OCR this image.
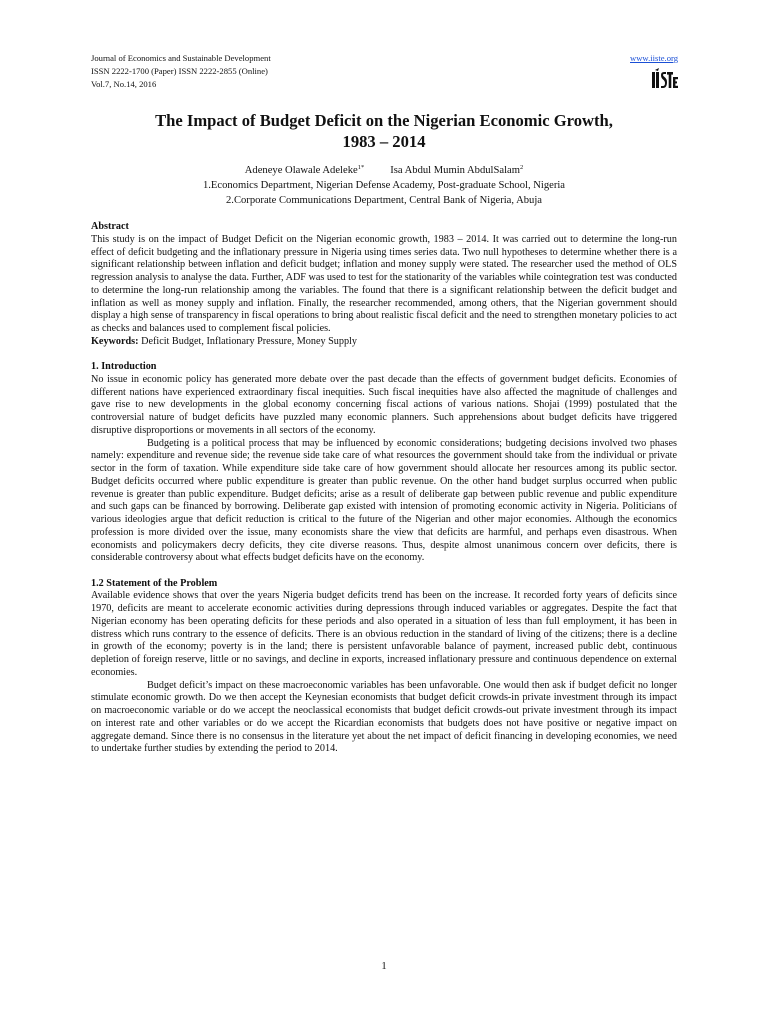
Journal of Economics and Sustainable Development
ISSN 2222-1700 (Paper) ISSN 2222-2855 (Online)
Vol.7, No.14, 2016
www.iiste.org
The Impact of Budget Deficit on the Nigerian Economic Growth,
1983 – 2014
Adeneye Olawale Adeleke$^{1*}$ Isa Abdul Mumin AbdulSalam$^2$
1.Economics Department, Nigerian Defense Academy, Post-graduate School, Nigeria
2.Corporate Communications Department, Central Bank of Nigeria, Abuja

Abstract

This study is on the impact of Budget Deficit on the Nigerian economic growth, 1983 – 2014. It was carried out to determine the long-run effect of deficit budgeting and the inflationary pressure in Nigeria using times series data. Two null hypotheses to determine whether there is a significant relationship between inflation and deficit budget; inflation and money supply were stated. The researcher used the method of OLS regression analysis to analyse the data. Further, ADF was used to test for the stationarity of the variables while cointegration test was conducted to determine the long-run relationship among the variables. The found that there is a significant relationship between the deficit budget and inflation as well as money supply and inflation. Finally, the researcher recommended, among others, that the Nigerian government should display a high sense of transparency in fiscal operations to bring about realistic fiscal deficit and the need to strengthen monetary policies to act as checks and balances used to complement fiscal policies.

Keywords: Deficit Budget, Inflationary Pressure, Money Supply

1. Introduction

No issue in economic policy has generated more debate over the past decade than the effects of government budget deficits. Economies of different nations have experienced extraordinary fiscal inequities. Such fiscal inequities have also affected the magnitude of challenges and gave rise to new developments in the global economy concerning fiscal actions of various nations. Shojai (1999) postulated that the controversial nature of budget deficits have puzzled many economic planners. Such apprehensions about budget deficits have triggered disruptive disproportions or movements in all sectors of the economy.

Budgeting is a political process that may be influenced by economic considerations; budgeting decisions involved two phases namely: expenditure and revenue side; the revenue side take care of what resources the government should take from the individual or private sector in the form of taxation. While expenditure side take care of how government should allocate her resources among its public sector. Budget deficits occurred where public expenditure is greater than public revenue. On the other hand budget surplus occurred when public revenue is greater than public expenditure. Budget deficits; arise as a result of deliberate gap between public revenue and public expenditure and such gaps can be financed by borrowing. Deliberate gap existed with intension of promoting economic activity in Nigeria. Politicians of various ideologies argue that deficit reduction is critical to the future of the Nigerian and other major economies. Although the economics profession is more divided over the issue, many economists share the view that deficits are harmful, and perhaps even disastrous. When economists and policymakers decry deficits, they cite diverse reasons. Thus, despite almost unanimous concern over deficits, there is considerable controversy about what effects budget deficits have on the economy.

1.2 Statement of the Problem

Available evidence shows that over the years Nigeria budget deficits trend has been on the increase. It recorded forty years of deficits since 1970, deficits are meant to accelerate economic activities during depressions through induced variables or aggregates. Despite the fact that Nigerian economy has been operating deficits for these periods and also operated in a situation of less than full employment, it has been in distress which runs contrary to the essence of deficits. There is an obvious reduction in the standard of living of the citizens; there is a decline in growth of the economy; poverty is in the land; there is persistent unfavorable balance of payment, increased public debt, continuous depletion of foreign reserve, little or no savings, and decline in exports, increased inflationary pressure and continuous dependence on external economies.

Budget deficit’s impact on these macroeconomic variables has been unfavorable. One would then ask if budget deficit no longer stimulate economic growth. Do we then accept the Keynesian economists that budget deficit crowds-in private investment through its impact on macroeconomic variable or do we accept the neoclassical economists that budget deficit crowds-out private investment through its impact on interest rate and other variables or do we accept the Ricardian economists that budgets does not have positive or negative impact on aggregate demand. Since there is no consensus in the literature yet about the net impact of deficit financing in developing economies, we need to undertake further studies by extending the period to 2014.

1
